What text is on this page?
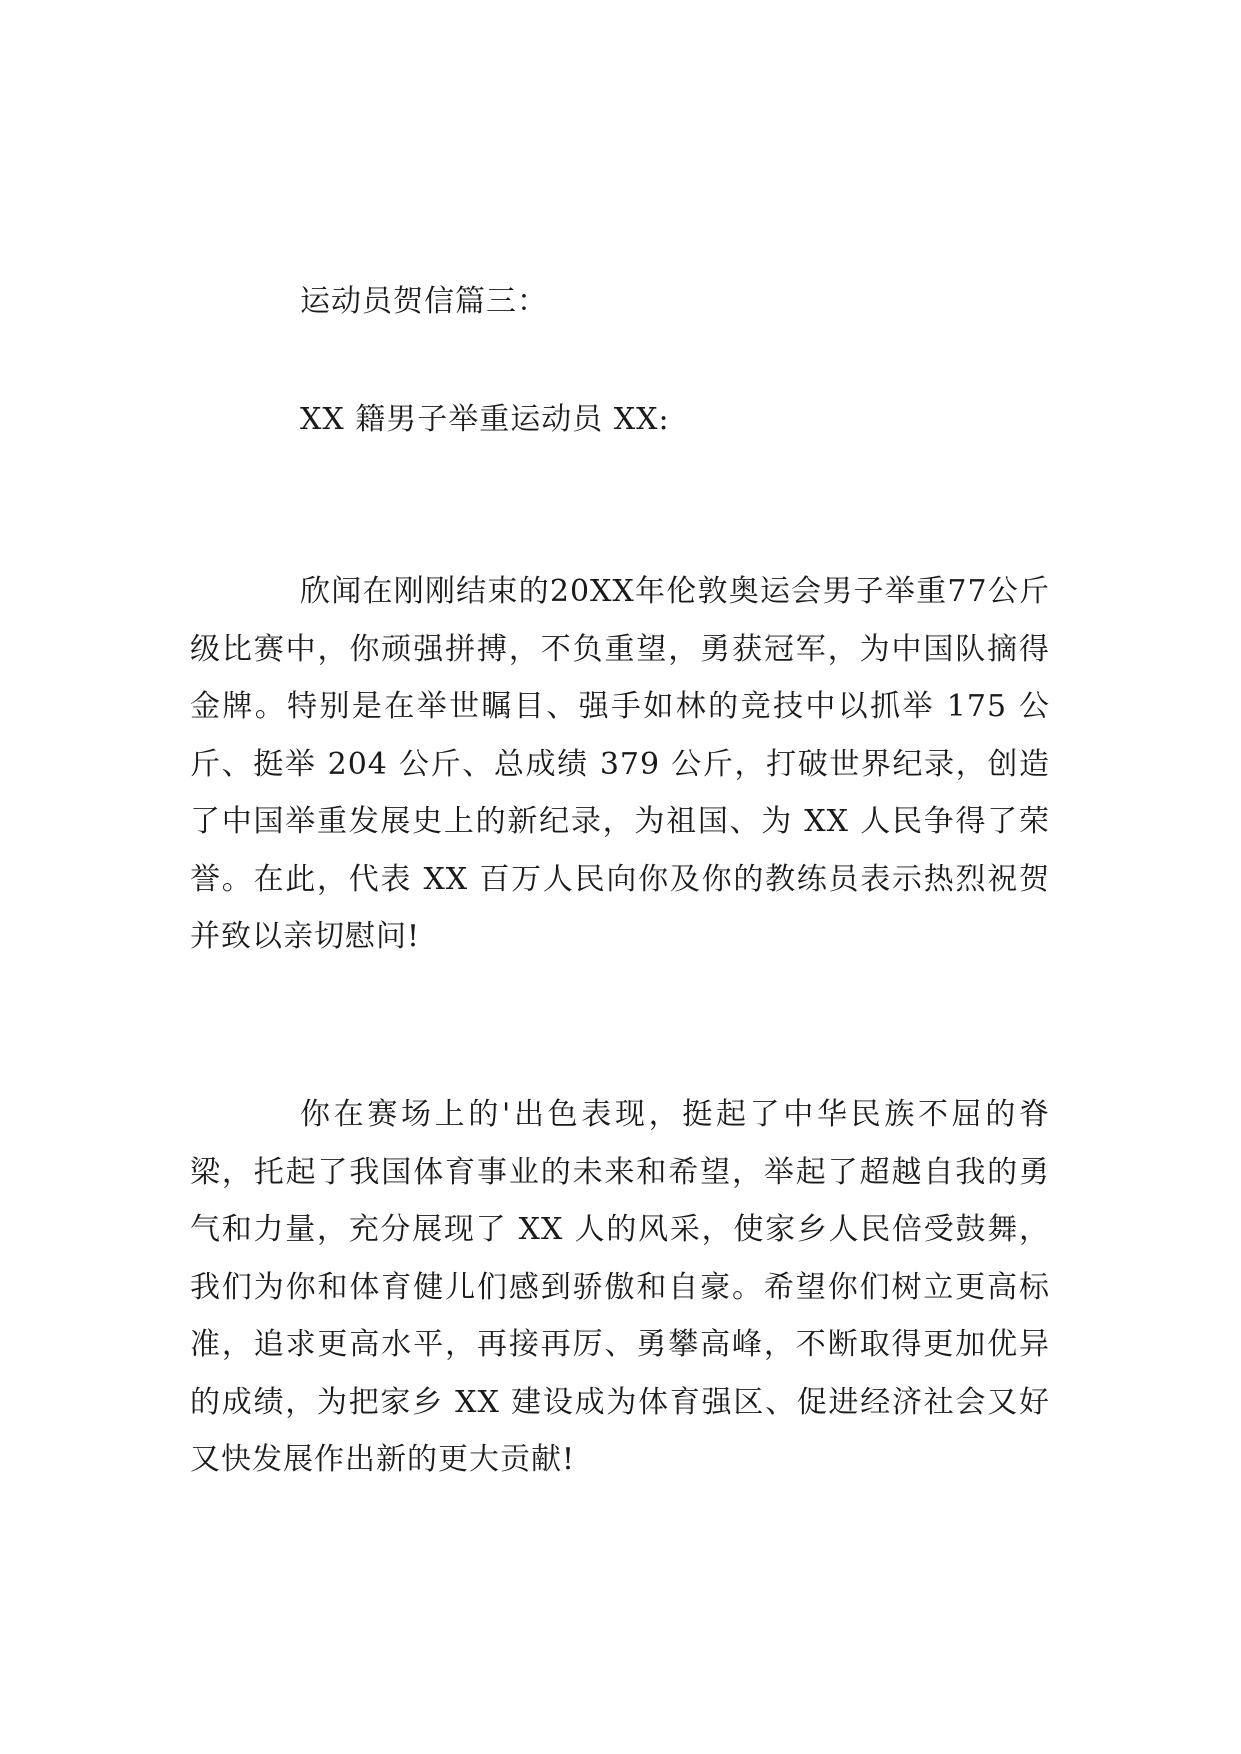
运动员贺信篇三：
XX 籍男子举重运动员 XX:

欣闻在刚刚结束的20XX年伦敦奥运会男子举重77公斤级比赛中，你顽强拼搏，不负重望，勇获冠军，为中国队摘得金牌。特别是在举世瞩目、强手如林的竞技中以抓举 175 公斤、挺举 204 公斤、总成绩 379 公斤，打破世界纪录，创造了中国举重发展史上的新纪录，为祖国、为 XX 人民争得了荣誉。在此，代表 XX 百万人民向你及你的教练员表示热烈祝贺并致以亲切慰问!

你在赛场上的'出色表现，挺起了中华民族不屈的脊梁，托起了我国体育事业的未来和希望，举起了超越自我的勇气和力量，充分展现了 XX 人的风采，使家乡人民倍受鼓舞，我们为你和体育健儿们感到骄傲和自豪。希望你们树立更高标准，追求更高水平，再接再厉、勇攀高峰，不断取得更加优异的成绩，为把家乡 XX 建设成为体育强区、促进经济社会又好又快发展作出新的更大贡献!
